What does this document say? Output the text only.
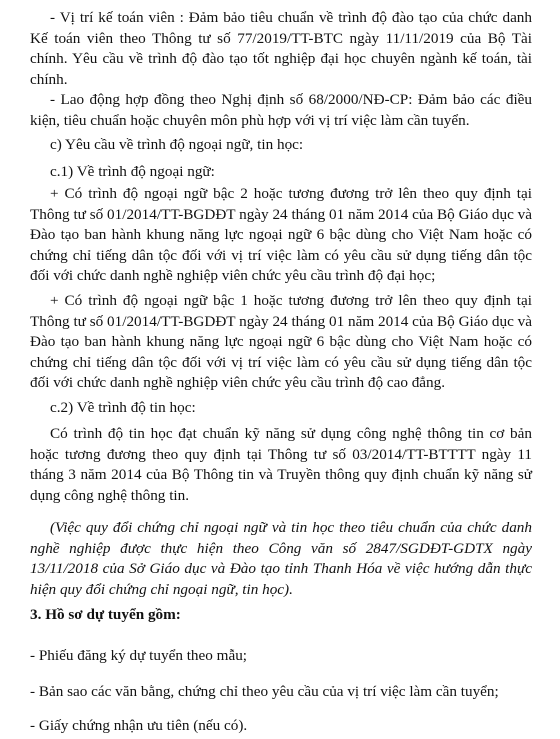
- Vị trí kế toán viên : Đảm bảo tiêu chuẩn về trình độ đào tạo của chức danh Kế toán viên theo Thông tư số 77/2019/TT-BTC ngày 11/11/2019 của Bộ Tài chính. Yêu cầu về trình độ đào tạo tốt nghiệp đại học chuyên ngành kế toán, tài chính.

- Lao động hợp đồng theo Nghị định số 68/2000/NĐ-CP: Đảm bảo các điều kiện, tiêu chuẩn hoặc chuyên môn phù hợp với vị trí việc làm cần tuyển.

c) Yêu cầu về trình độ ngoại ngữ, tin học:

c.1) Về trình độ ngoại ngữ:

+ Có trình độ ngoại ngữ bậc 2 hoặc tương đương trở lên theo quy định tại Thông tư số 01/2014/TT-BGDĐT ngày 24 tháng 01 năm 2014 của Bộ Giáo dục và Đào tạo ban hành khung năng lực ngoại ngữ 6 bậc dùng cho Việt Nam hoặc có chứng chỉ tiếng dân tộc đối với vị trí việc làm có yêu cầu sử dụng tiếng dân tộc đối với chức danh nghề nghiệp viên chức yêu cầu trình độ đại học;

+ Có trình độ ngoại ngữ bậc 1 hoặc tương đương trở lên theo quy định tại Thông tư số 01/2014/TT-BGDĐT ngày 24 tháng 01 năm 2014 của Bộ Giáo dục và Đào tạo ban hành khung năng lực ngoại ngữ 6 bậc dùng cho Việt Nam hoặc có chứng chỉ tiếng dân tộc đối với vị trí việc làm có yêu cầu sử dụng tiếng dân tộc đối với chức danh nghề nghiệp viên chức yêu cầu trình độ cao đẳng.

c.2) Về trình độ tin học:

Có trình độ tin học đạt chuẩn kỹ năng sử dụng công nghệ thông tin cơ bản hoặc tương đương theo quy định tại Thông tư số 03/2014/TT-BTTTT ngày 11 tháng 3 năm 2014 của Bộ Thông tin và Truyền thông quy định chuẩn kỹ năng sử dụng công nghệ thông tin.

(Việc quy đổi chứng chỉ ngoại ngữ và tin học theo tiêu chuẩn của chức danh nghề nghiệp được thực hiện theo Công văn số 2847/SGDĐT-GDTX ngày 13/11/2018 của Sở Giáo dục và Đào tạo tỉnh Thanh Hóa về việc hướng dẫn thực hiện quy đổi chứng chỉ ngoại ngữ, tin học).

3. Hồ sơ dự tuyển gồm:

- Phiếu đăng ký dự tuyển theo mẫu;

- Bản sao các văn bằng, chứng chỉ theo yêu cầu của vị trí việc làm cần tuyển;

- Giấy chứng nhận ưu tiên (nếu có).
